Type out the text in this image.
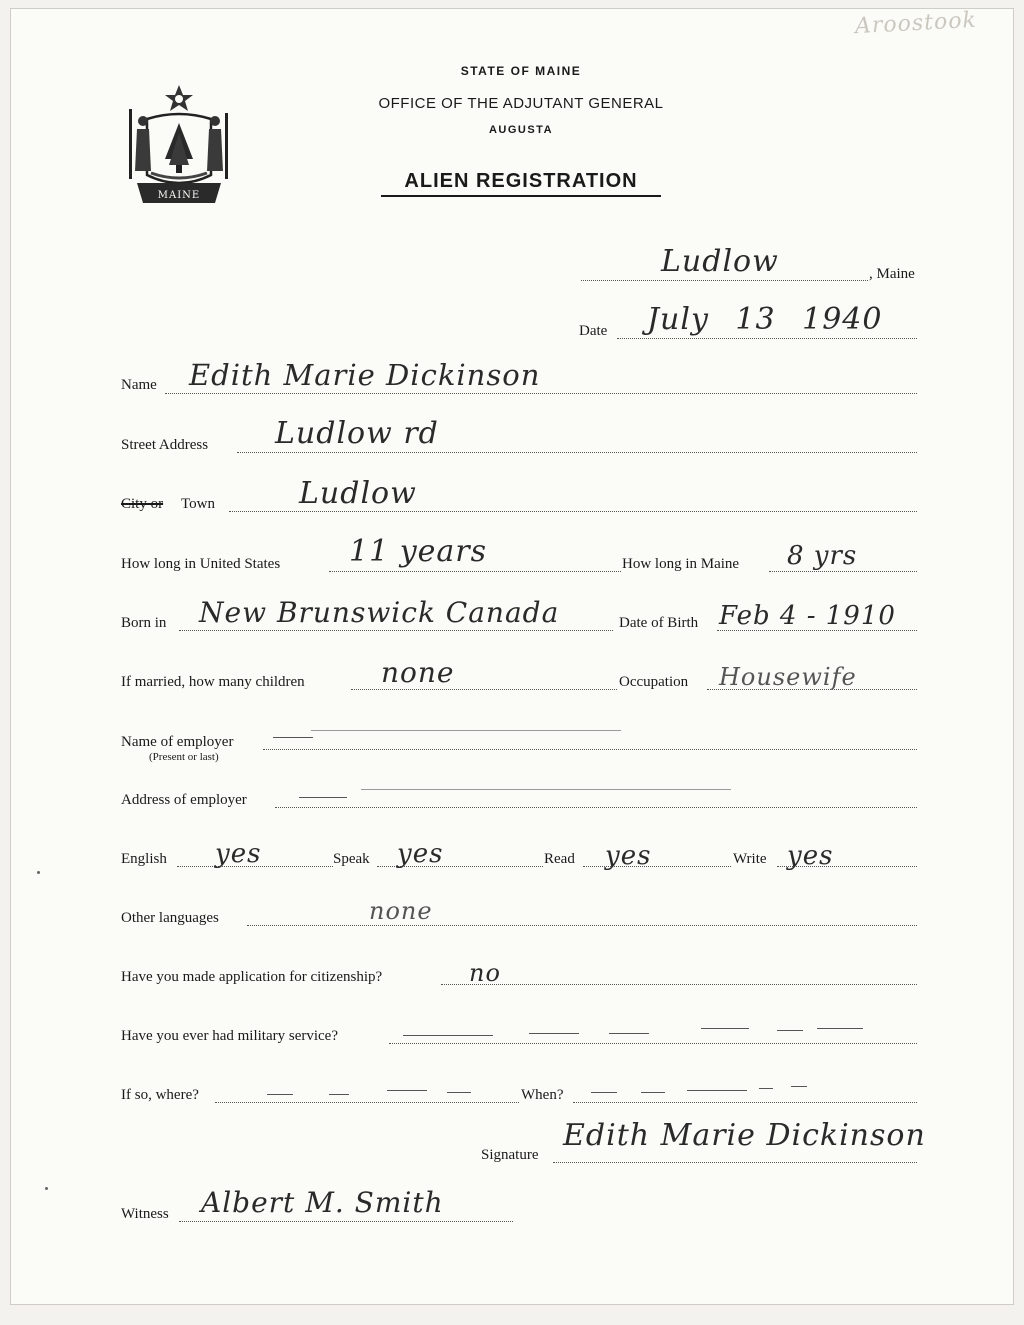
Aroostook
MAINE
STATE OF MAINE
OFFICE OF THE ADJUTANT GENERAL
AUGUSTA
ALIEN REGISTRATION
Ludlow	, Maine
Date July 13 1940
Name Edith Marie Dickinson
Street Address Ludlow rd
City or Town	Ludlow
How long in United States 11 years	How long in Maine 8 yrs
Born in New Brunswick Canada	Date of Birth Feb 4 - 1910
If married, how many children	none	Occupation Housewife
Name of employer
(Present or last)
Address of employer
English yes	Speak yes	Read yes	Write yes
Other languages	none
Have you made application for citizenship?	no
Have you ever had military service?
If so, where?	When?
Signature
Edith Marie Dickinson
Witness Albert M. Smith
